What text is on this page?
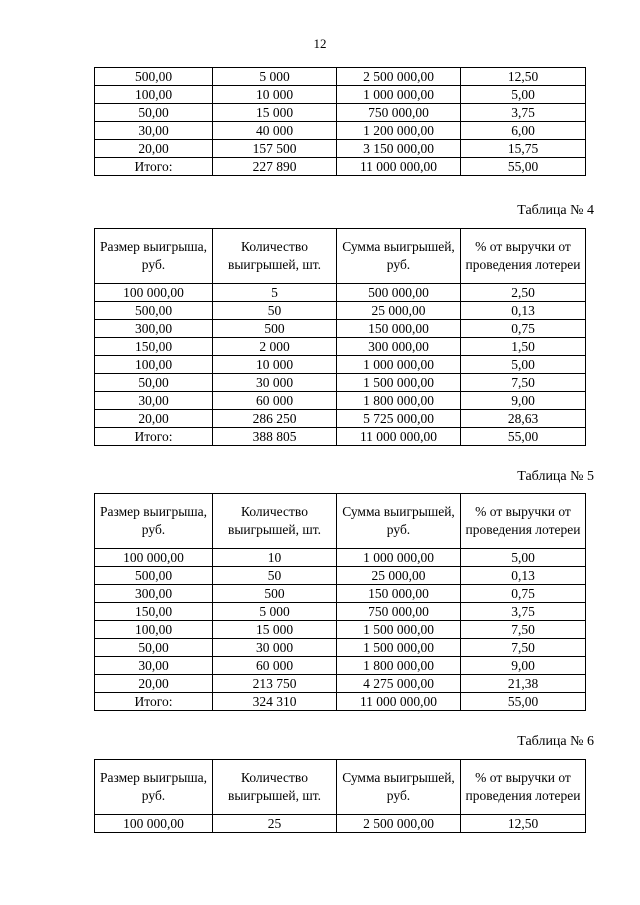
12
500,00	5 000	2 500 000,00	12,50
100,00	10 000	1 000 000,00	5,00
50,00	15 000	750 000,00	3,75
30,00	40 000	1 200 000,00	6,00
20,00	157 500	3 150 000,00	15,75
Итого:	227 890	11 000 000,00	55,00
Таблица № 4
Размер выигрыша, руб.	Количество выигрышей, шт.	Сумма выигрышей, руб.	% от выручки от проведения лотереи
100 000,00	5	500 000,00	2,50
500,00	50	25 000,00	0,13
300,00	500	150 000,00	0,75
150,00	2 000	300 000,00	1,50
100,00	10 000	1 000 000,00	5,00
50,00	30 000	1 500 000,00	7,50
30,00	60 000	1 800 000,00	9,00
20,00	286 250	5 725 000,00	28,63
Итого:	388 805	11 000 000,00	55,00
Таблица № 5
Размер выигрыша, руб.	Количество выигрышей, шт.	Сумма выигрышей, руб.	% от выручки от проведения лотереи
100 000,00	10	1 000 000,00	5,00
500,00	50	25 000,00	0,13
300,00	500	150 000,00	0,75
150,00	5 000	750 000,00	3,75
100,00	15 000	1 500 000,00	7,50
50,00	30 000	1 500 000,00	7,50
30,00	60 000	1 800 000,00	9,00
20,00	213 750	4 275 000,00	21,38
Итого:	324 310	11 000 000,00	55,00
Таблица № 6
Размер выигрыша, руб.	Количество выигрышей, шт.	Сумма выигрышей, руб.	% от выручки от проведения лотереи
100 000,00	25	2 500 000,00	12,50
